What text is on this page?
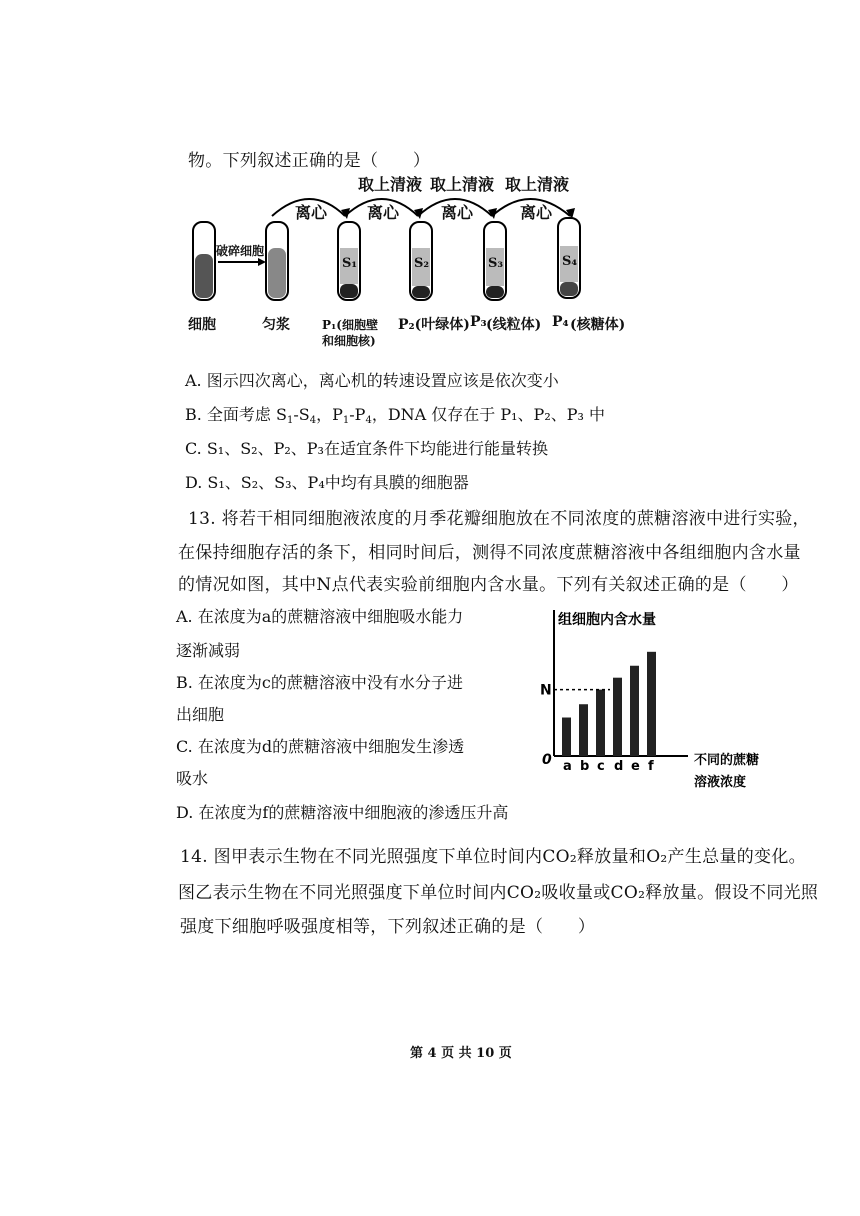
物。下列叙述正确的是（　　）
取上清液 取上清液 取上清液
离心 离心	离心	离心
破碎细胞
S₁	S₂	S₃	S₄
细胞	匀浆	P₁(细胞壁
和细胞核)
P₂(叶绿体) P₃ (线粒体) P₄ (核糖体)
A. 图示四次离心，离心机的转速设置应该是依次变小
B. 全面考虑 $S_1-S_4$，$P_1-P_4$，DNA 仅存在于 P₁、P₂、P₃ 中
C. S₁、S₂、P₂、P₃在适宜条件下均能进行能量转换
D. S₁、S₂、S₃、P₄中均有具膜的细胞器
13. 将若干相同细胞液浓度的月季花瓣细胞放在不同浓度的蔗糖溶液中进行实验，
在保持细胞存活的条下，相同时间后，测得不同浓度蔗糖溶液中各组细胞内含水量
的情况如图，其中N点代表实验前细胞内含水量。下列有关叙述正确的是（　　）
A. 在浓度为a的蔗糖溶液中细胞吸水能力
逐渐减弱
B. 在浓度为c的蔗糖溶液中没有水分子进
出细胞
C. 在浓度为d的蔗糖溶液中细胞发生渗透
吸水
D. 在浓度为f的蔗糖溶液中细胞液的渗透压升高
a b c d e f
N
0
组细胞内含水量
不同的蔗糖
溶液浓度
14. 图甲表示生物在不同光照强度下单位时间内CO₂释放量和O₂产生总量的变化。
图乙表示生物在不同光照强度下单位时间内CO₂吸收量或CO₂释放量。假设不同光照
强度下细胞呼吸强度相等，下列叙述正确的是（　　）
第 4 页 共 10 页
